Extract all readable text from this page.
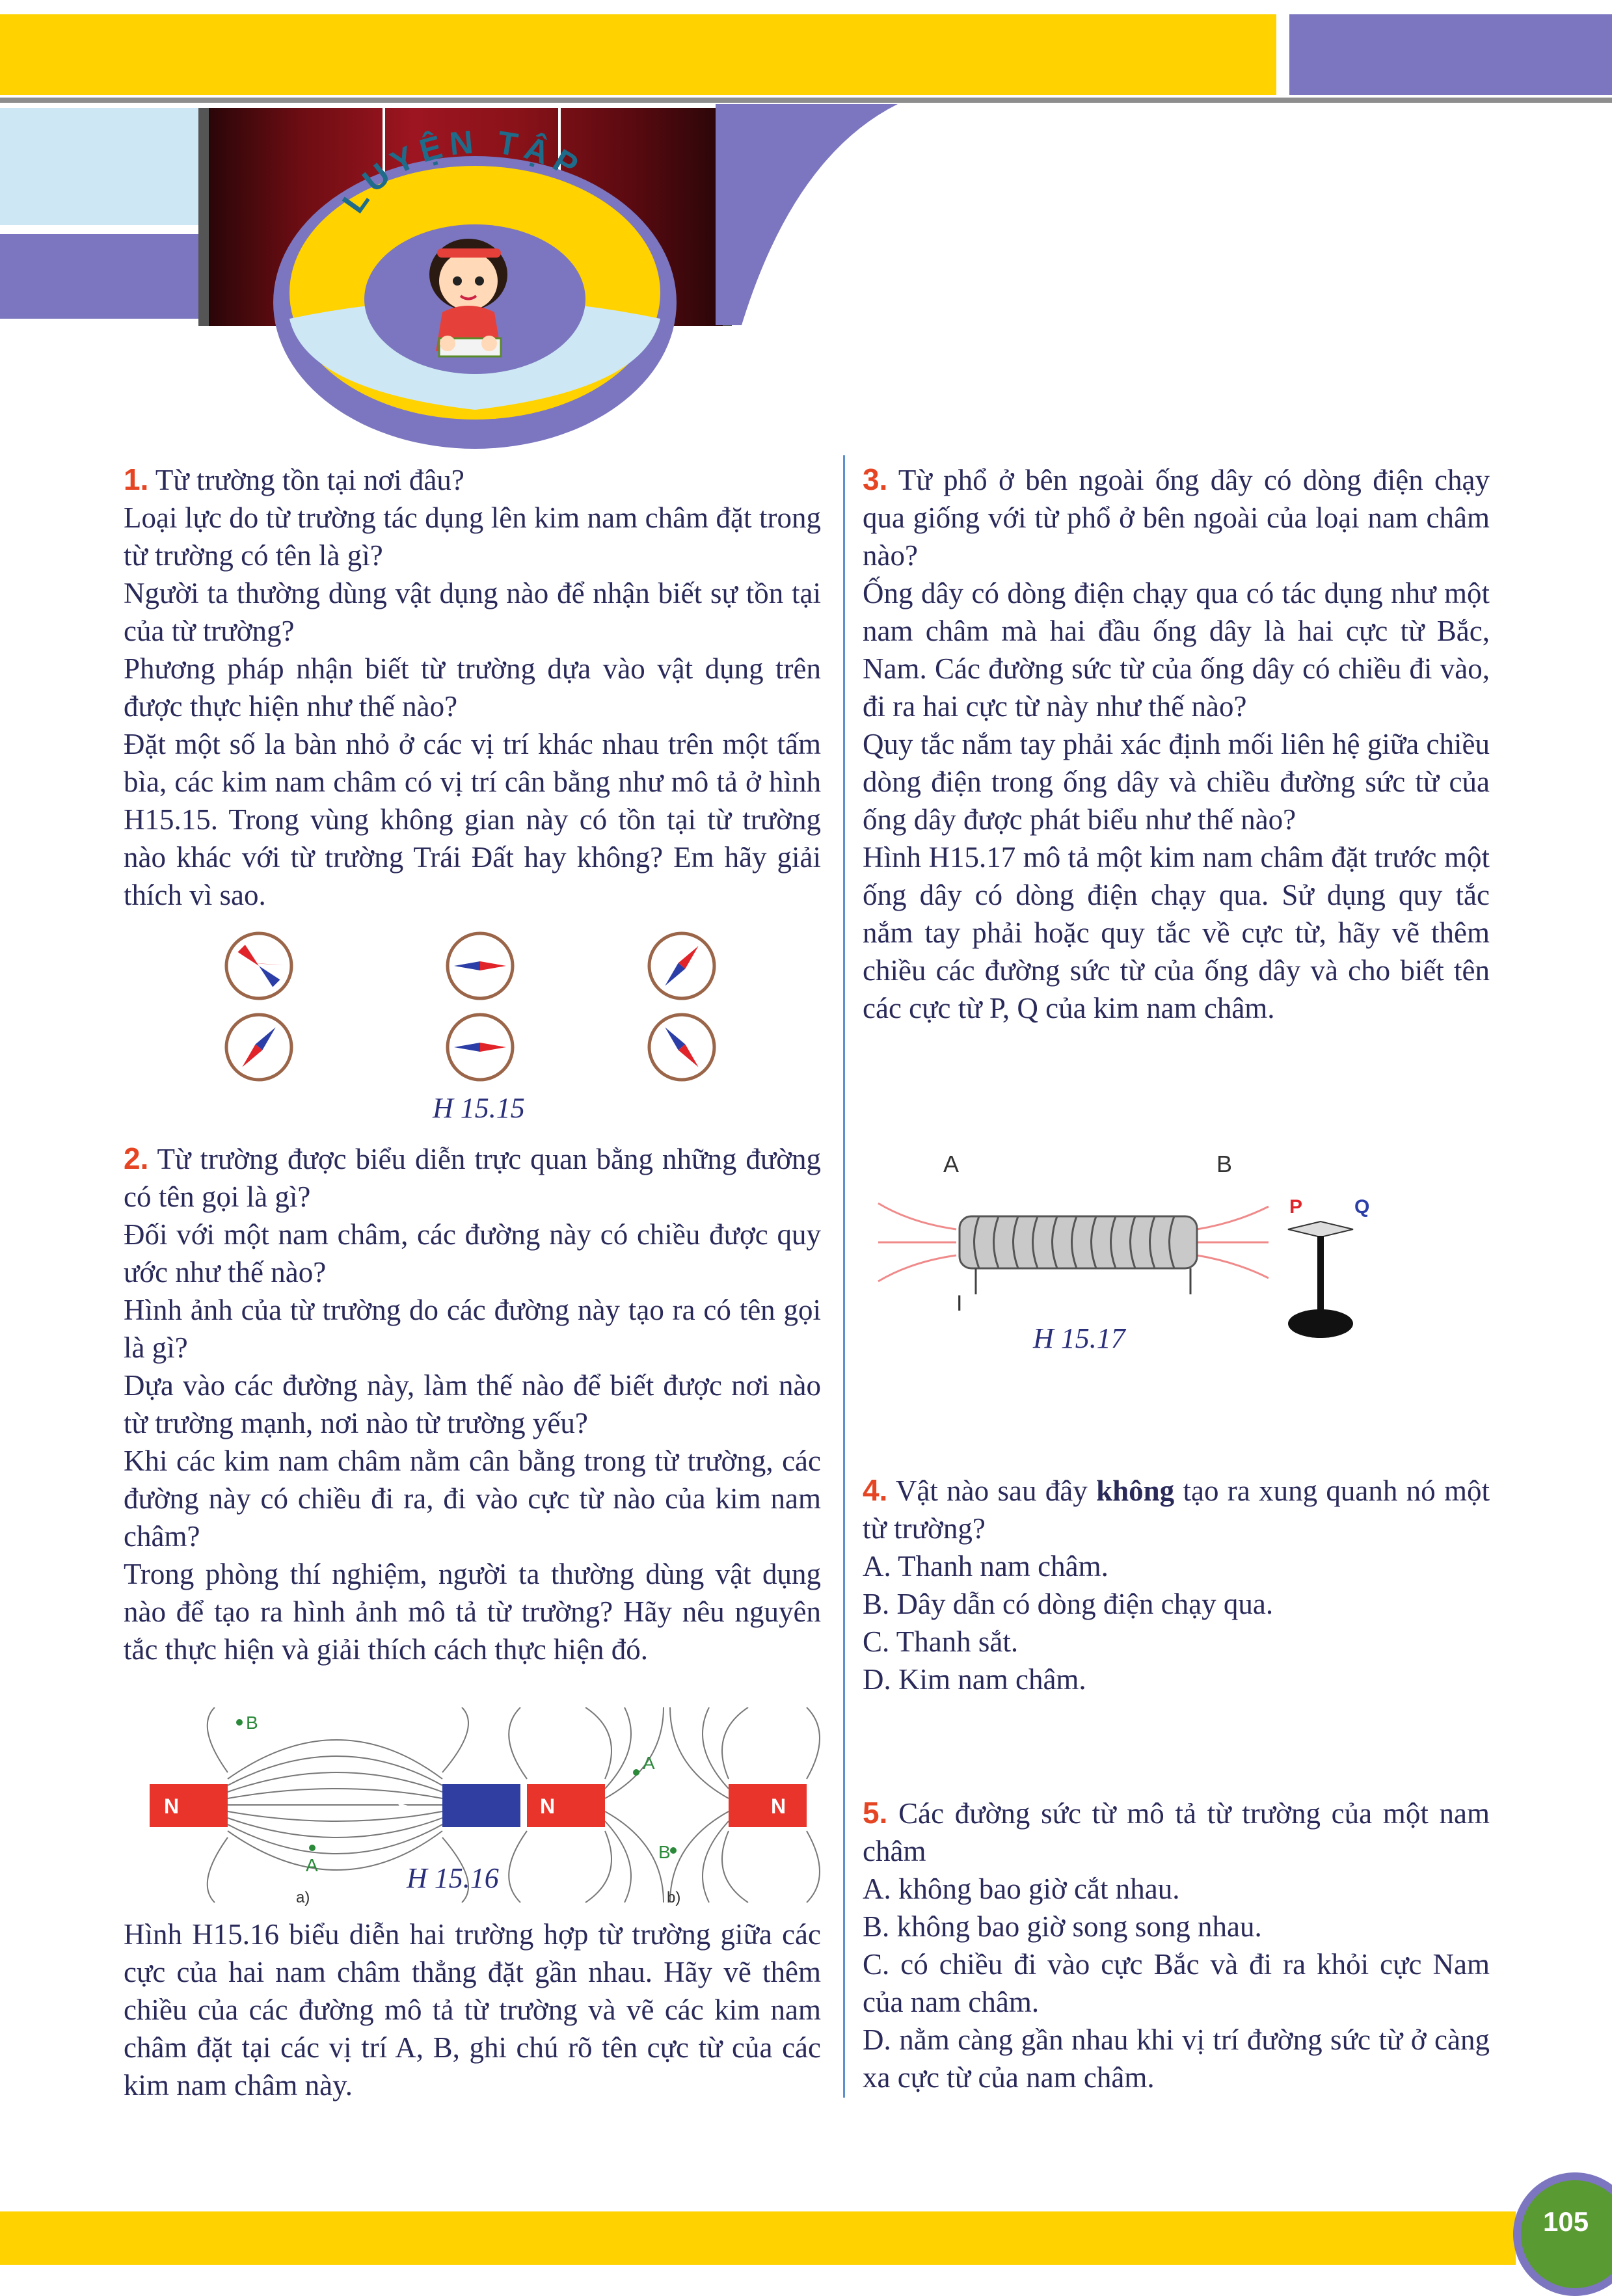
LUYỆN TẬP

1. Từ trường tồn tại nơi đâu?

Loại lực do từ trường tác dụng lên kim nam châm đặt trong từ trường có tên là gì?

Người ta thường dùng vật dụng nào để nhận biết sự tồn tại của từ trường?

Phương pháp nhận biết từ trường dựa vào vật dụng trên được thực hiện như thế nào?

Đặt một số la bàn nhỏ ở các vị trí khác nhau trên một tấm bìa, các kim nam châm có vị trí cân bằng như mô tả ở hình H15.15. Trong vùng không gian này có tồn tại từ trường nào khác với từ trường Trái Đất hay không? Em hãy giải thích vì sao.

H 15.15

2. Từ trường được biểu diễn trực quan bằng những đường có tên gọi là gì?

Đối với một nam châm, các đường này có chiều được quy ước như thế nào?

Hình ảnh của từ trường do các đường này tạo ra có tên gọi là gì?

Dựa vào các đường này, làm thế nào để biết được nơi nào từ trường mạnh, nơi nào từ trường yếu?

Khi các kim nam châm nằm cân bằng trong từ trường, các đường này có chiều đi ra, đi vào cực từ nào của kim nam châm?

Trong phòng thí nghiệm, người ta thường dùng vật dụng nào để tạo ra hình ảnh mô tả từ trường? Hãy nêu nguyên tắc thực hiện và giải thích cách thực hiện đó.

N	S
B
A
a)
N	N
A
B
b)
H 15.16
Hình H15.16 biểu diễn hai trường hợp từ trường giữa các cực của hai nam châm thẳng đặt gần nhau. Hãy vẽ thêm chiều của các đường mô tả từ trường và vẽ các kim nam châm đặt tại các vị trí A, B, ghi chú rõ tên cực từ của các kim nam châm này.

3. Từ phổ ở bên ngoài ống dây có dòng điện chạy qua giống với từ phổ ở bên ngoài của loại nam châm nào?

Ống dây có dòng điện chạy qua có tác dụng như một nam châm mà hai đầu ống dây là hai cực từ Bắc, Nam. Các đường sức từ của ống dây có chiều đi vào, đi ra hai cực từ này như thế nào?

Quy tắc nắm tay phải xác định mối liên hệ giữa chiều dòng điện trong ống dây và chiều đường sức từ của ống dây được phát biểu như thế nào?

Hình H15.17 mô tả một kim nam châm đặt trước một ống dây có dòng điện chạy qua. Sử dụng quy tắc nắm tay phải hoặc quy tắc về cực từ, hãy vẽ thêm chiều các đường sức từ của ống dây và cho biết tên các cực từ P, Q của kim nam châm.

A	B
I
P	Q
H 15.17

4. Vật nào sau đây không tạo ra xung quanh nó một từ trường?

A. Thanh nam châm.

B. Dây dẫn có dòng điện chạy qua.

C. Thanh sắt.

D. Kim nam châm.

5. Các đường sức từ mô tả từ trường của một nam châm

A. không bao giờ cắt nhau.

B. không bao giờ song song nhau.

C. có chiều đi vào cực Bắc và đi ra khỏi cực Nam của nam châm.

D. nằm càng gần nhau khi vị trí đường sức từ ở càng xa cực từ của nam châm.

105
